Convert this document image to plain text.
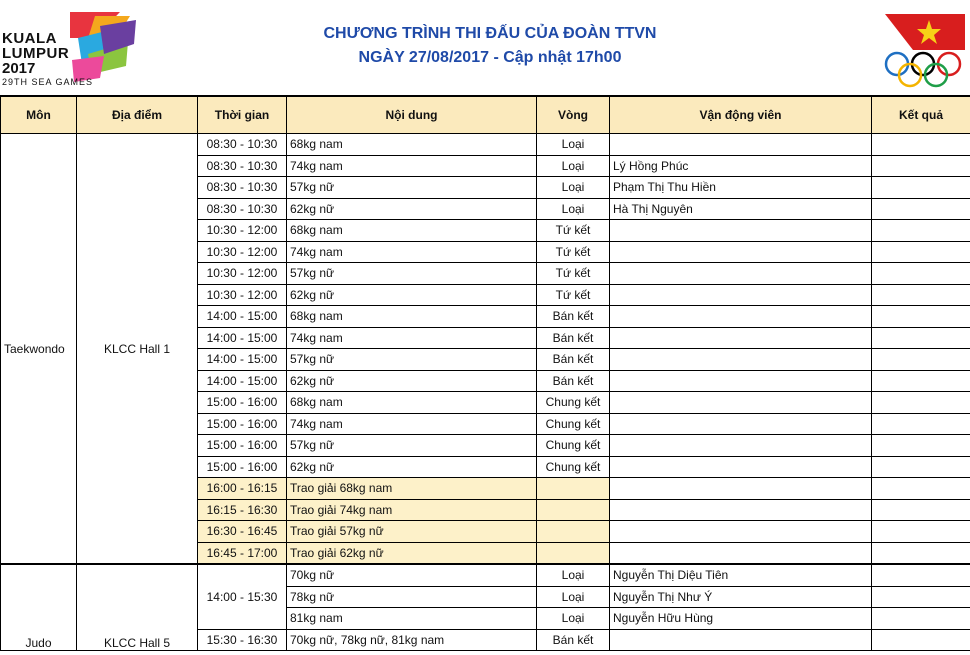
KUALA
LUMPUR
2017
29TH SEA GAMES
CHƯƠNG TRÌNH THI ĐẤU CỦA ĐOÀN TTVN
NGÀY 27/08/2017 - Cập nhật 17h00
Môn	Địa điểm	Thời gian	Nội dung	Vòng	Vận động viên	Kết quả
Taekwondo	KLCC Hall 1	08:30 - 10:30	68kg nam	Loại		
		08:30 - 10:30	74kg nam	Loại	Lý Hồng Phúc	
		08:30 - 10:30	57kg nữ	Loại	Phạm Thị Thu Hiền	
		08:30 - 10:30	62kg nữ	Loại	Hà Thị Nguyên	
		10:30 - 12:00	68kg nam	Tứ kết		
		10:30 - 12:00	74kg nam	Tứ kết		
		10:30 - 12:00	57kg nữ	Tứ kết		
		10:30 - 12:00	62kg nữ	Tứ kết		
		14:00 - 15:00	68kg nam	Bán kết		
		14:00 - 15:00	74kg nam	Bán kết		
		14:00 - 15:00	57kg nữ	Bán kết		
		14:00 - 15:00	62kg nữ	Bán kết		
		15:00 - 16:00	68kg nam	Chung kết		
		15:00 - 16:00	74kg nam	Chung kết		
		15:00 - 16:00	57kg nữ	Chung kết		
		15:00 - 16:00	62kg nữ	Chung kết		
		16:00 - 16:15	Trao giải 68kg nam			
		16:15 - 16:30	Trao giải 74kg nam			
		16:30 - 16:45	Trao giải 57kg nữ			
		16:45 - 17:00	Trao giải 62kg nữ			
Judo	KLCC Hall 5	14:00 - 15:30	70kg nữ	Loại	Nguyễn Thị Diệu Tiên	
			78kg nữ	Loại	Nguyễn Thị Như Ý	
			81kg nam	Loại	Nguyễn Hữu Hùng	
		15:30 - 16:30	70kg nữ, 78kg nữ, 81kg nam	Bán kết		
